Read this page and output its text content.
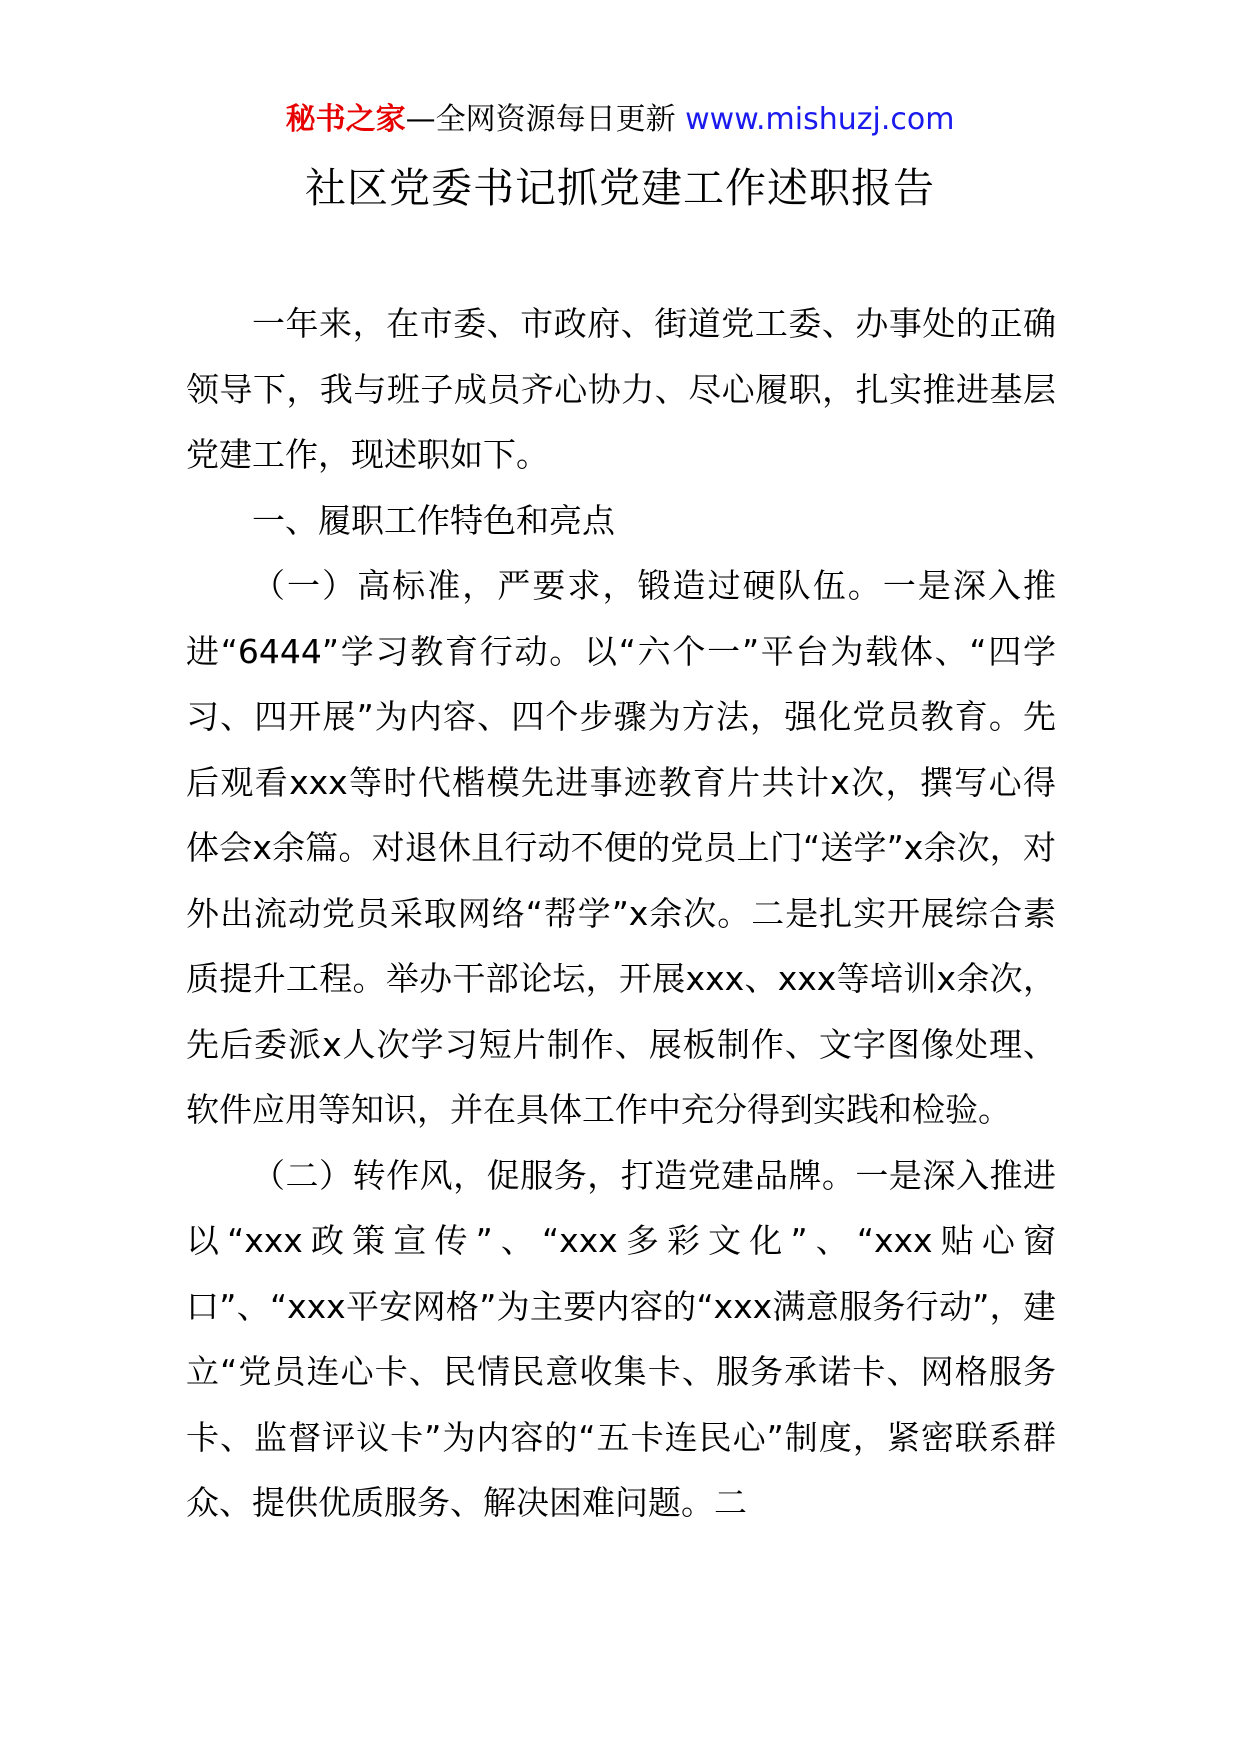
秘书之家—全网资源每日更新 www.mishuzj.com
社区党委书记抓党建工作述职报告

一年来，在市委、市政府、街道党工委、办事处的正确领导下，我与班子成员齐心协力、尽心履职，扎实推进基层党建工作，现述职如下。

一、履职工作特色和亮点

（一）高标准，严要求，锻造过硬队伍。一是深入推进“6444”学习教育行动。以“六个一”平台为载体、“四学习、四开展”为内容、四个步骤为方法，强化党员教育。先后观看xxx等时代楷模先进事迹教育片共计x次，撰写心得体会x余篇。对退休且行动不便的党员上门“送学”x余次，对外出流动党员采取网络“帮学”x余次。二是扎实开展综合素质提升工程。举办干部论坛，开展xxx、xxx等培训x余次，先后委派x人次学习短片制作、展板制作、文字图像处理、软件应用等知识，并在具体工作中充分得到实践和检验。

（二）转作风，促服务，打造党建品牌。一是深入推进以“xxx政策宣传”、“xxx多彩文化”、“xxx贴心窗口”、“xxx平安网格”为主要内容的“xxx满意服务行动”，建立“党员连心卡、民情民意收集卡、服务承诺卡、网格服务卡、监督评议卡”为内容的“五卡连民心”制度，紧密联系群众、提供优质服务、解决困难问题。二
